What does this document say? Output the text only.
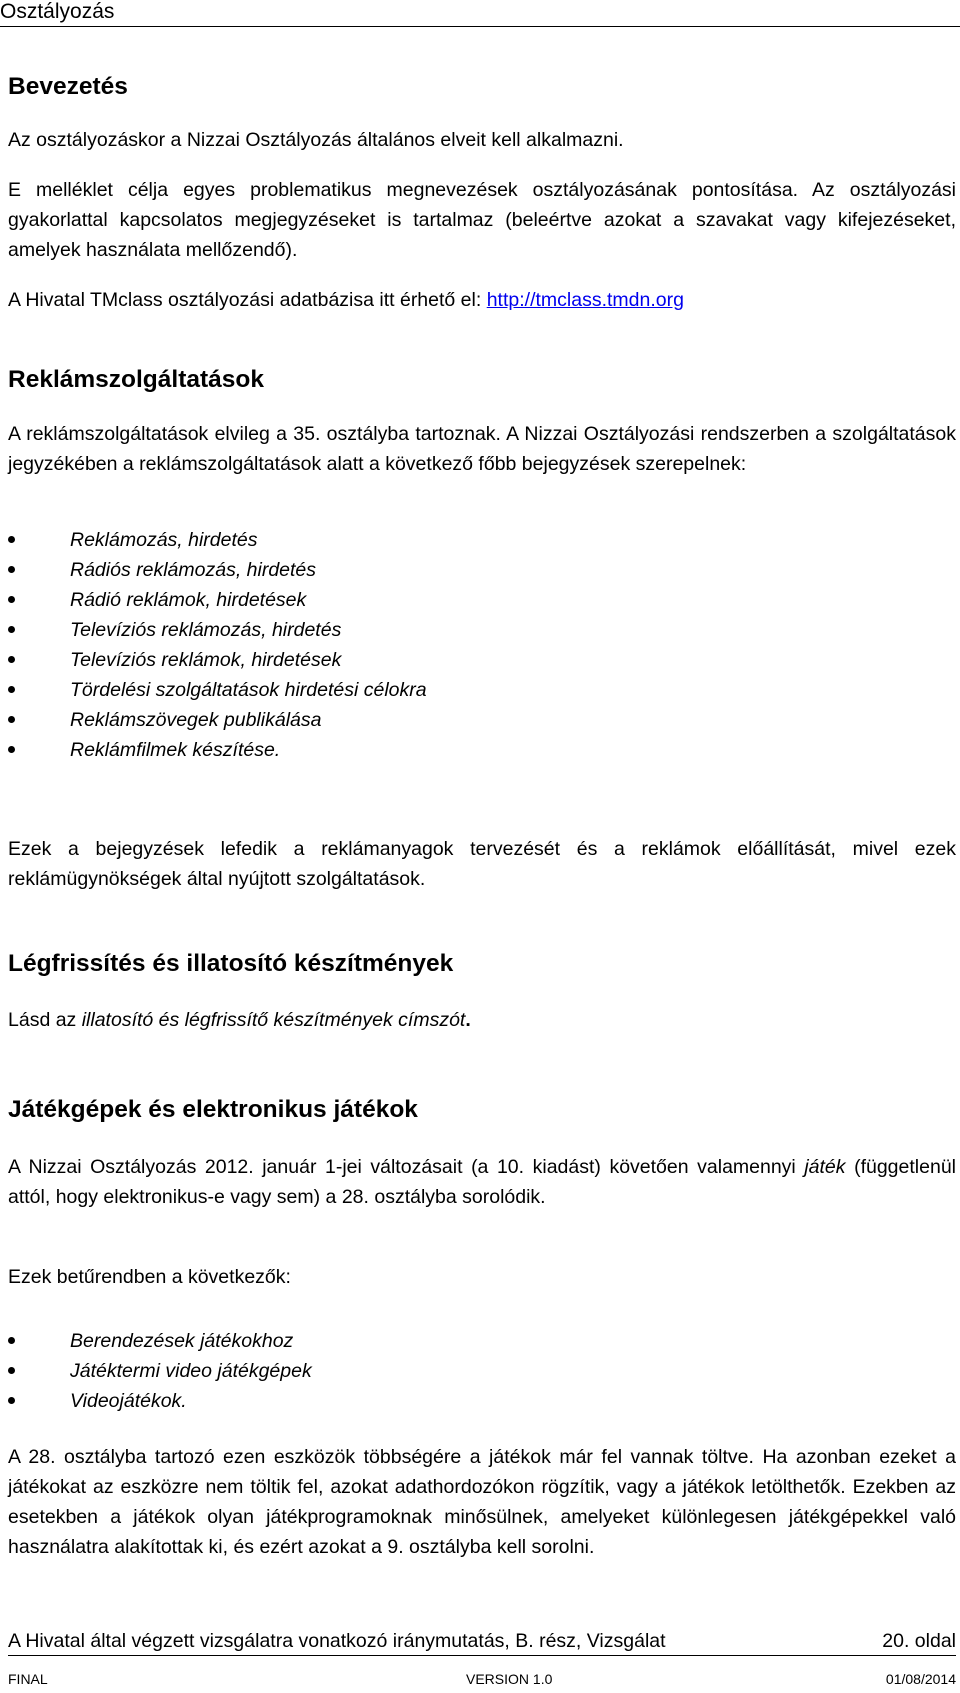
Osztályozás
Bevezetés

Az osztályozáskor a Nizzai Osztályozás általános elveit kell alkalmazni.

E melléklet célja egyes problematikus megnevezések osztályozásának pontosítása. Az osztályozási gyakorlattal kapcsolatos megjegyzéseket is tartalmaz (beleértve azokat a szavakat vagy kifejezéseket, amelyek használata mellőzendő).

A Hivatal TMclass osztályozási adatbázisa itt érhető el: http://tmclass.tmdn.org

Reklámszolgáltatások

A reklámszolgáltatások elvileg a 35. osztályba tartoznak. A Nizzai Osztályozási rendszerben a szolgáltatások jegyzékében a reklámszolgáltatások alatt a következő főbb bejegyzések szerepelnek:

Reklámozás, hirdetés
Rádiós reklámozás, hirdetés
Rádió reklámok, hirdetések
Televíziós reklámozás, hirdetés
Televíziós reklámok, hirdetések
Tördelési szolgáltatások hirdetési célokra
Reklámszövegek publikálása
Reklámfilmek készítése.

Ezek a bejegyzések lefedik a reklámanyagok tervezését és a reklámok előállítását, mivel ezek reklámügynökségek által nyújtott szolgáltatások.

Légfrissítés és illatosító készítmények

Lásd az illatosító és légfrissítő készítmények címszót.

Játékgépek és elektronikus játékok

A Nizzai Osztályozás 2012. január 1-jei változásait (a 10. kiadást) követően valamennyi játék (függetlenül attól, hogy elektronikus-e vagy sem) a 28. osztályba sorolódik.

Ezek betűrendben a következők:

Berendezések játékokhoz
Játéktermi video játékgépek
Videojátékok.

A 28. osztályba tartozó ezen eszközök többségére a játékok már fel vannak töltve. Ha azonban ezeket a játékokat az eszközre nem töltik fel, azokat adathordozókon rögzítik, vagy a játékok letölthetők. Ezekben az esetekben a játékok olyan játékprogramoknak minősülnek, amelyeket különlegesen játékgépekkel való használatra alakítottak ki, és ezért azokat a 9. osztályba kell sorolni.

A Hivatal által végzett vizsgálatra vonatkozó iránymutatás, B. rész, Vizsgálat	20. oldal
FINAL	VERSION 1.0	01/08/2014
